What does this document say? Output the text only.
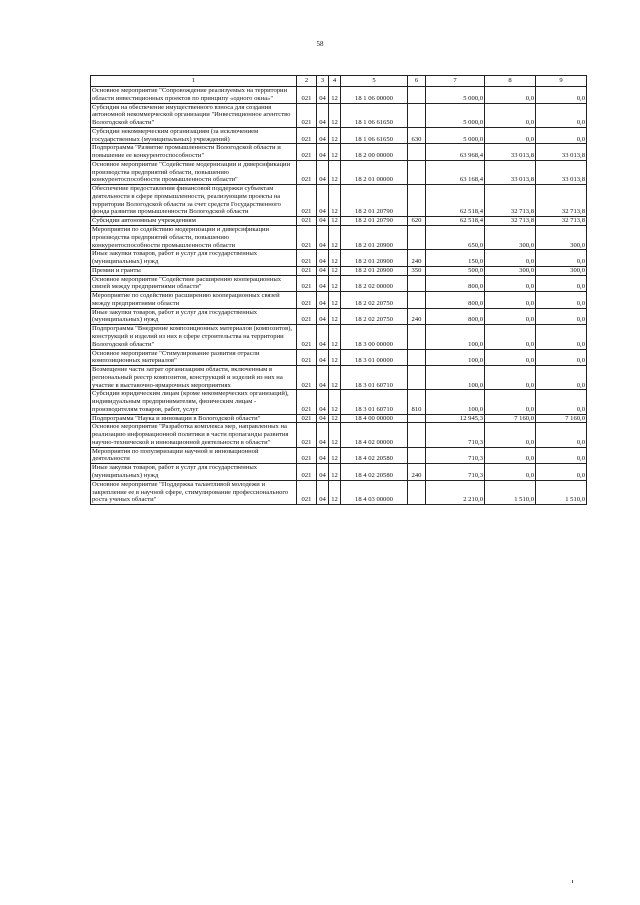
58
1	2	3	4	5	6	7	8	9
Основное мероприятие "Сопровождение реализуемых на территории области инвестиционных проектов по принципу «одного окна»"	021	04	12	18 1 06 00000		5 000,0	0,0	0,0
Субсидия на обеспечение имущественного взноса для создания автономной некоммерческой организации "Инвестиционное агентство Вологодской области"	021	04	12	18 1 06 61650		5 000,0	0,0	0,0
Субсидии некоммерческим организациям (за исключением государственных (муниципальных) учреждений)	021	04	12	18 1 06 61650	630	5 000,0	0,0	0,0
Подпрограмма "Развитие промышленности Вологодской области и повышение ее конкурентоспособности"	021	04	12	18 2 00 00000		63 968,4	33 013,8	33 013,8
Основное мероприятие "Содействие модернизации и диверсификации производства предприятий области, повышению конкурентоспособности промышленности области"	021	04	12	18 2 01 00000		63 168,4	33 013,8	33 013,8
Обеспечение предоставления финансовой поддержки субъектам деятельности в сфере промышленности, реализующим проекты на территории Вологодской области за счет средств Государственного фонда развития промышленности Вологодской области	021	04	12	18 2 01 20790		62 518,4	32 713,8	32 713,8
Субсидии автономным учреждениям	021	04	12	18 2 01 20790	620	62 518,4	32 713,8	32 713,8
Мероприятия по содействию модернизации и диверсификации производства предприятий области, повышению конкурентоспособности промышленности области	021	04	12	18 2 01 20900		650,0	300,0	300,0
Иные закупки товаров, работ и услуг для государственных (муниципальных) нужд	021	04	12	18 2 01 20900	240	150,0	0,0	0,0
Премии и гранты	021	04	12	18 2 01 20900	350	500,0	300,0	300,0
Основное мероприятие "Содействие расширению кооперационных связей между предприятиями области"	021	04	12	18 2 02 00000		800,0	0,0	0,0
Мероприятие по содействию расширению кооперационных связей между предприятиями области	021	04	12	18 2 02 20750		800,0	0,0	0,0
Иные закупки товаров, работ и услуг для государственных (муниципальных) нужд	021	04	12	18 2 02 20750	240	800,0	0,0	0,0
Подпрограмма "Внедрение композиционных материалов (композитов), конструкций и изделий из них в сфере строительства на территории Вологодской области"	021	04	12	18 3 00 00000		100,0	0,0	0,0
Основное мероприятие "Стимулирование развития отрасли композиционных материалов"	021	04	12	18 3 01 00000		100,0	0,0	0,0
Возмещение части затрат организациям области, включенным в региональный реестр композитов, конструкций и изделий из них на участие в выставочно-ярмарочных мероприятиях	021	04	12	18 3 01 60710		100,0	0,0	0,0
Субсидии юридическим лицам (кроме некоммерческих организаций), индивидуальным предпринимателям, физическим лицам - производителям товаров, работ, услуг	021	04	12	18 3 01 60710	810	100,0	0,0	0,0
Подпрограмма "Наука и инновации в Вологодской области"	021	04	12	18 4 00 00000		12 945,3	7 160,0	7 160,0
Основное мероприятие "Разработка комплекса мер, направленных на реализацию информационной политики в части пропаганды развития научно-технической и инновационной деятельности в области"	021	04	12	18 4 02 00000		710,3	0,0	0,0
Мероприятия по популяризации научной и инновационной деятельности	021	04	12	18 4 02 20580		710,3	0,0	0,0
Иные закупки товаров, работ и услуг для государственных (муниципальных) нужд	021	04	12	18 4 02 20580	240	710,3	0,0	0,0
Основное мероприятие "Поддержка талантливой молодежи и закрепление ее в научной сфере, стимулирование профессионального роста ученых области"	021	04	12	18 4 03 00000		2 210,0	1 510,0	1 510,0
